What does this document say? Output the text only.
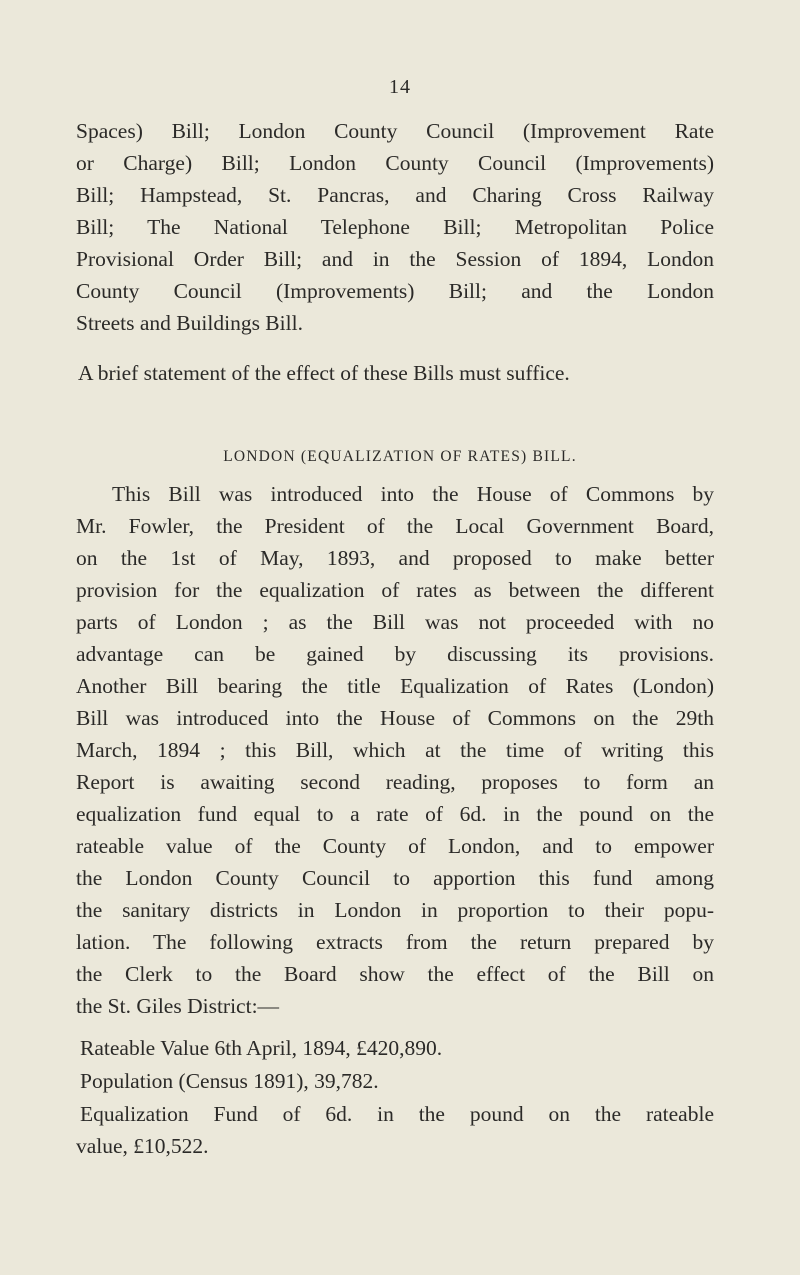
14
Spaces) Bill; London County Council (Improvement Rate
or Charge) Bill; London County Council (Improvements)
Bill; Hampstead, St. Pancras, and Charing Cross Railway
Bill; The National Telephone Bill; Metropolitan Police
Provisional Order Bill; and in the Session of 1894, London
County Council (Improvements) Bill; and the London
Streets and Buildings Bill.
A brief statement of the effect of these Bills must suffice.
LONDON (EQUALIZATION OF RATES) BILL.
This Bill was introduced into the House of Commons by
Mr. Fowler, the President of the Local Government Board,
on the 1st of May, 1893, and proposed to make better
provision for the equalization of rates as between the different
parts of London ; as the Bill was not proceeded with no
advantage can be gained by discussing its provisions.
Another Bill bearing the title Equalization of Rates (London)
Bill was introduced into the House of Commons on the 29th
March, 1894 ; this Bill, which at the time of writing this
Report is awaiting second reading, proposes to form an
equalization fund equal to a rate of 6d. in the pound on the
rateable value of the County of London, and to empower
the London County Council to apportion this fund among
the sanitary districts in London in proportion to their popu-
lation. The following extracts from the return prepared by
the Clerk to the Board show the effect of the Bill on
the St. Giles District:—
Rateable Value 6th April, 1894, £420,890.
Population (Census 1891), 39,782.
Equalization Fund of 6d. in the pound on the rateable
value, £10,522.
